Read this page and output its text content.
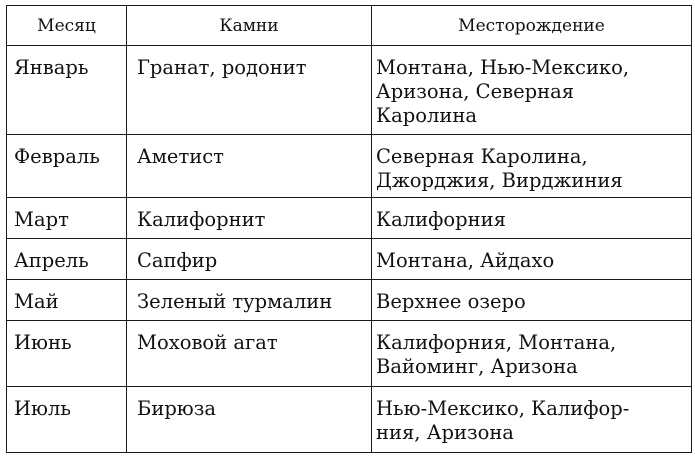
Месяц	Камни	Месторождение
Январь	Гранат, родонит	Монтана, Нью-Мексико,
Аризона, Северная
Каролина

Февраль	Аметист	Северная Каролина,
Джорджия, Вирджиния

Март	Калифорнит	Калифорния

Апрель	Сапфир	Монтана, Айдахо

Май	Зеленый турмалин	Верхнее озеро

Июнь	Моховой агат	Калифорния, Монтана,
Вайоминг, Аризона

Июль	Бирюза	Нью-Мексико, Калифор-
ния, Аризона
